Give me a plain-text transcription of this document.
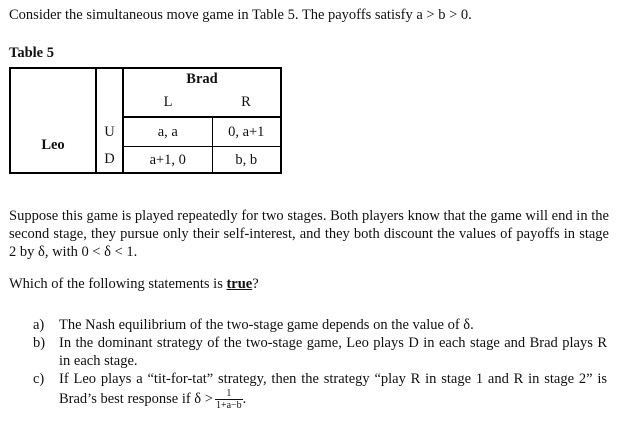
Consider the simultaneous move game in Table 5. The payoffs satisfy a > b > 0.
Table 5
		Brad	
		L	R

Leo	U	a, a	0, a+1
	D	a+1, 0	b, b
Suppose this game is played repeatedly for two stages. Both players know that the game will end in the second stage, they pursue only their self-interest, and they both discount the values of payoffs in stage 2 by δ, with 0 < δ < 1.
Which of the following statements is true?
a)	The Nash equilibrium of the two-stage game depends on the value of δ.
b) In the dominant strategy of the two-stage game, Leo plays D in each stage and Brad plays R in each stage.
c)	If Leo plays a “tit-for-tat” strategy, then the strategy “play R in stage 1 and R in stage 2” is Brad’s best response if $\delta > \frac{1}{1+a-b}$ .
